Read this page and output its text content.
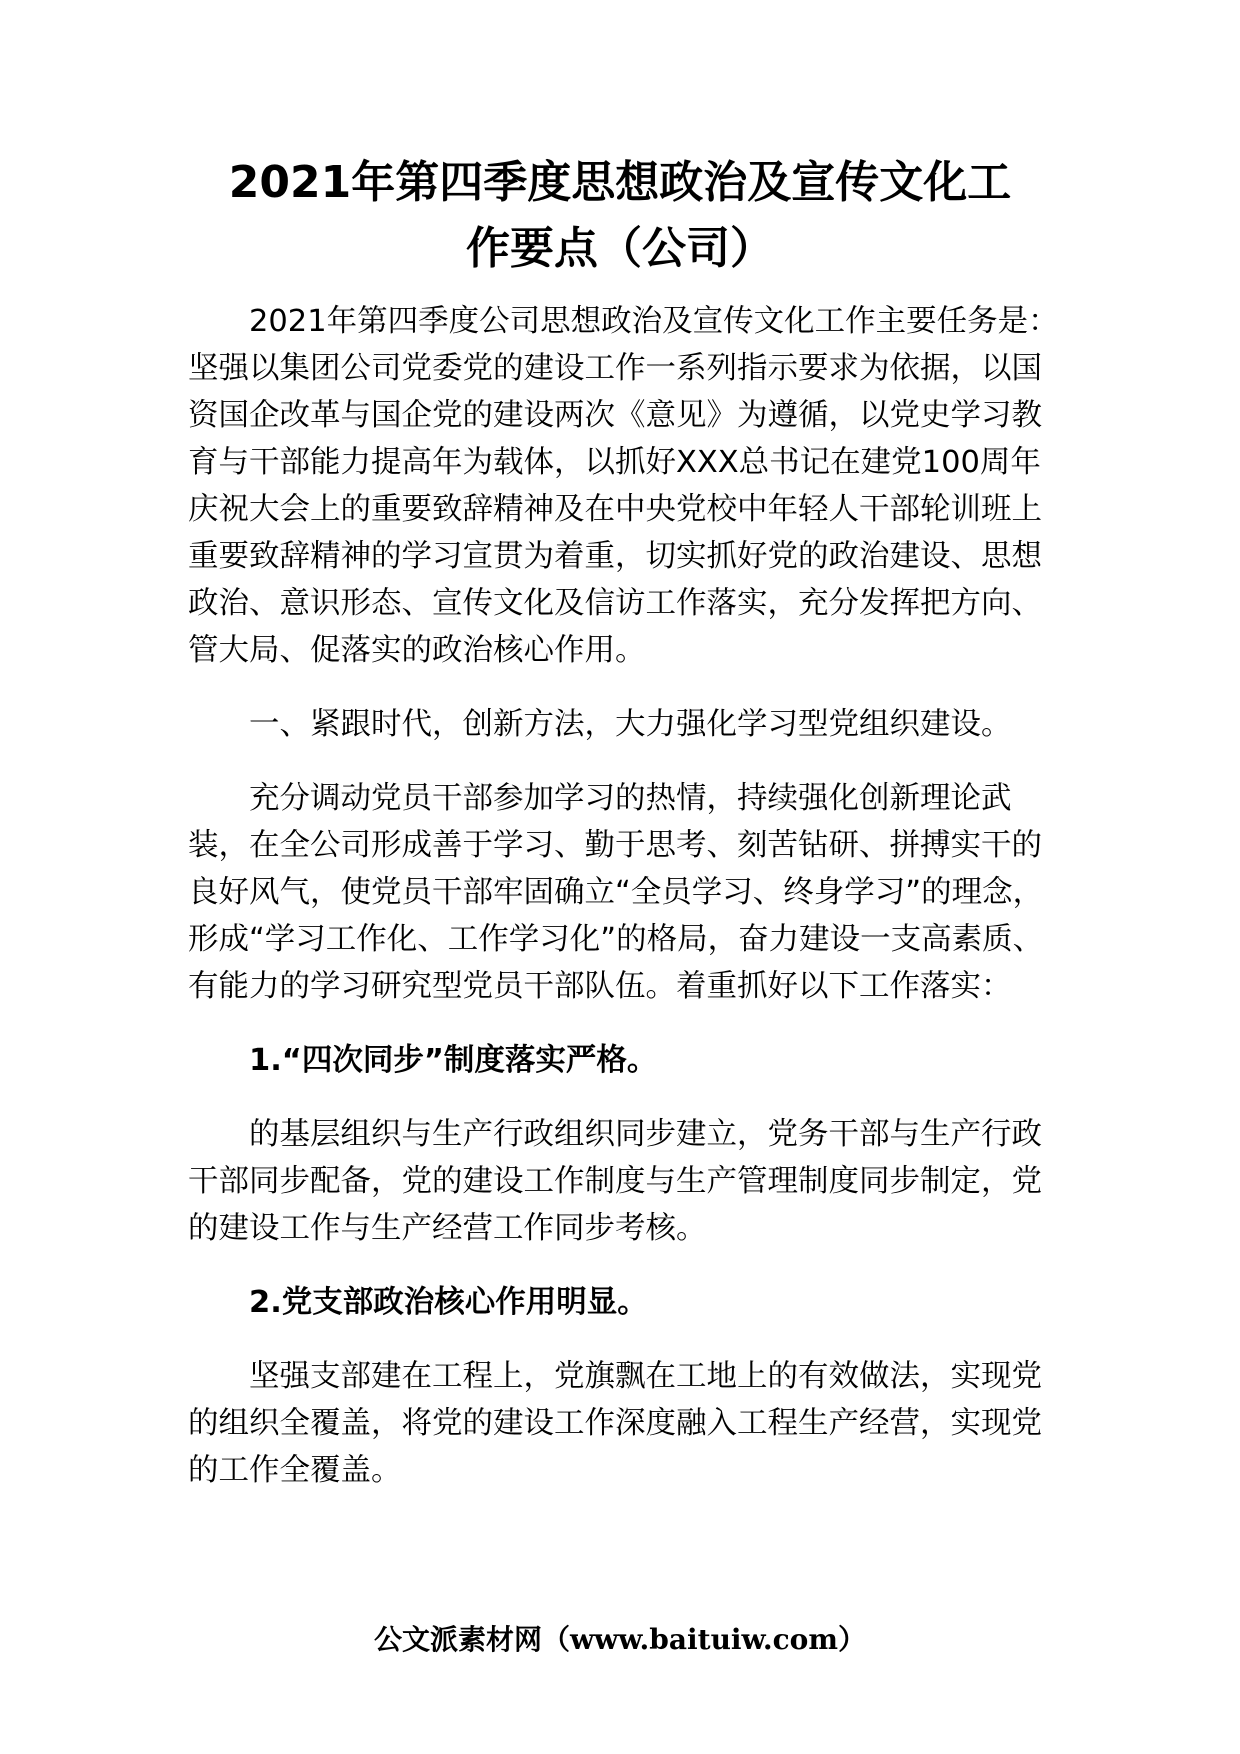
2021年第四季度思想政治及宣传文化工
作要点（公司）

2021年第四季度公司思想政治及宣传文化工作主要任务是：坚强以集团公司党委党的建设工作一系列指示要求为依据，以国资国企改革与国企党的建设两次《意见》为遵循，以党史学习教育与干部能力提高年为载体，以抓好XXX总书记在建党100周年庆祝大会上的重要致辞精神及在中央党校中年轻人干部轮训班上重要致辞精神的学习宣贯为着重，切实抓好党的政治建设、思想政治、意识形态、宣传文化及信访工作落实，充分发挥把方向、管大局、促落实的政治核心作用。

一、紧跟时代，创新方法，大力强化学习型党组织建设。

充分调动党员干部参加学习的热情，持续强化创新理论武装，在全公司形成善于学习、勤于思考、刻苦钻研、拼搏实干的良好风气，使党员干部牢固确立“全员学习、终身学习”的理念，形成“学习工作化、工作学习化”的格局，奋力建设一支高素质、有能力的学习研究型党员干部队伍。着重抓好以下工作落实：

1.“四次同步”制度落实严格。

的基层组织与生产行政组织同步建立，党务干部与生产行政干部同步配备，党的建设工作制度与生产管理制度同步制定，党的建设工作与生产经营工作同步考核。

2.党支部政治核心作用明显。

坚强支部建在工程上，党旗飘在工地上的有效做法，实现党的组织全覆盖，将党的建设工作深度融入工程生产经营，实现党的工作全覆盖。

公文派素材网（www.baituiw.com）
